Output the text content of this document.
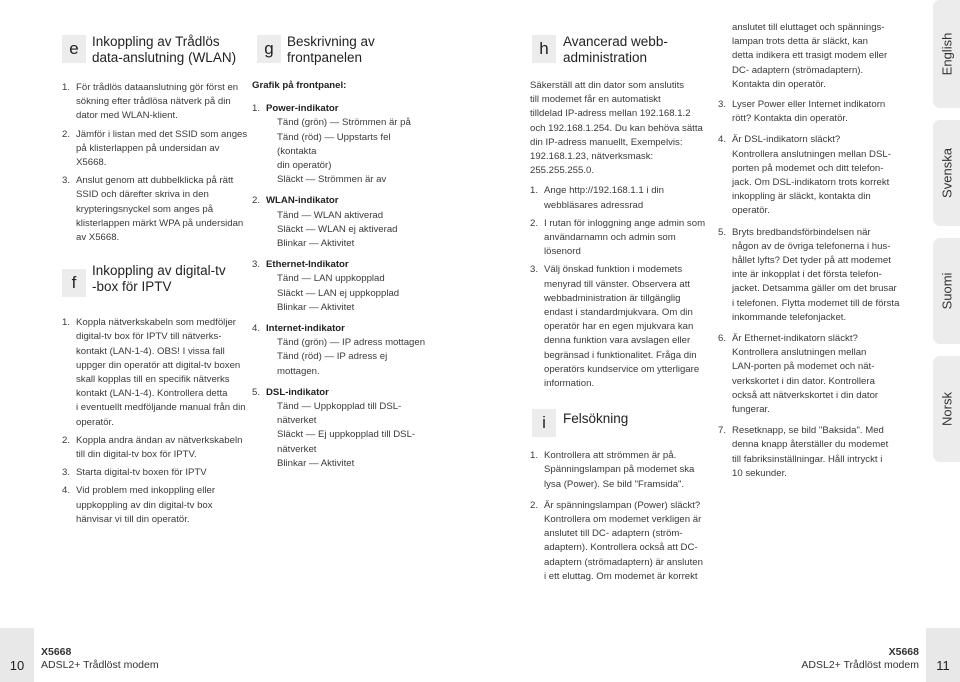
e Inkoppling av Trådlös
data-anslutning (WLAN)
1. För trådlös dataanslutning gör först en
sökning efter trådlösa nätverk på din
dator med WLAN-klient.
2. Jämför i listan med det SSID som anges
på klisterlappen på undersidan av
X5668.
3. Anslut genom att dubbelklicka på rätt
SSID och därefter skriva in den
krypteringsnyckel som anges på
klisterlappen märkt WPA på undersidan
av X5668.
f
Inkoppling av digital-tv
-box för IPTV
1. Koppla nätverkskabeln som medföljer
digital-tv box för IPTV till nätverks-
kontakt (LAN-1-4). OBS! I vissa fall
uppger din operatör att digital-tv boxen
skall kopplas till en specifik nätverks
kontakt (LAN-1-4). Kontrollera detta
i eventuellt medföljande manual från din
operatör.
2. Koppla andra ändan av nätverkskabeln
till din digital-tv box för IPTV.
3. Starta digital-tv boxen för IPTV
4. Vid problem med inkoppling eller
uppkoppling av din digital-tv box
hänvisar vi till din operatör.
g Beskrivning av
frontpanelen
Grafik på frontpanel:
1. Power-indikator
Tänd (grön) — Strömmen är på
Tänd (röd) — Uppstarts fel (kontakta
din operatör)
Släckt — Strömmen är av
2. WLAN-indikator
Tänd — WLAN aktiverad
Släckt — WLAN ej aktiverad
Blinkar — Aktivitet
3. Ethernet-Indikator
Tänd — LAN uppkopplad
Släckt — LAN ej uppkopplad
Blinkar — Aktivitet
4. Internet-indikator
Tänd (grön) — IP adress mottagen
Tänd (röd) — IP adress ej mottagen.
5. DSL-indikator
Tänd — Uppkopplad till DSL-nätverket
Släckt — Ej uppkopplad till DSL-
nätverket
Blinkar — Aktivitet
h	Avancerad webb-
administration
Säkerställ att din dator som anslutits
till modemet får en automatiskt
tilldelad IP-adress mellan 192.168.1.2
och 192.168.1.254. Du kan behöva sätta
din IP-adress manuellt, Exempelvis:
192.168.1.23, nätverksmask:
255.255.255.0.
1. Ange http://192.168.1.1 i din
webbläsares adressrad
2. I rutan för inloggning ange admin som
användarnamn och admin som
lösenord
3. Välj önskad funktion i modemets
menyrad till vänster. Observera att
webbadministration är tillgänglig
endast i standardmjukvara. Om din
operatör har en egen mjukvara kan
denna funktion vara avslagen eller
begränsad i funktionalitet. Fråga din
operatörs kundservice om ytterligare
information.
i	Felsökning
1. Kontrollera att strömmen är på.
Spänningslampan på modemet ska
lysa (Power). Se bild "Framsida".
2. Är spänningslampan (Power) släckt?
Kontrollera om modemet verkligen är
anslutet till DC- adaptern (ström-
adaptern). Kontrollera också att DC-
adaptern (strömadaptern) är ansluten
i ett eluttag. Om modemet är korrekt
anslutet till eluttaget och spännings-
lampan trots detta är släckt, kan
detta indikera ett trasigt modem eller
DC- adaptern (strömadaptern).
Kontakta din operatör.
3. Lyser Power eller Internet indikatorn
rött? Kontakta din operatör.
4. Är DSL-indikatorn släckt?
Kontrollera anslutningen mellan DSL-
porten på modemet och ditt telefon-
jack. Om DSL-indikatorn trots korrekt
inkoppling är släckt, kontakta din
operatör.
5. Bryts bredbandsförbindelsen när
någon av de övriga telefonerna i hus-
hållet lyfts? Det tyder på att modemet
inte är inkopplat i det första telefon-
jacket. Detsamma gäller om det brusar
i telefonen. Flytta modemet till de första
inkommande telefonjacket.
6. Är Ethernet-indikatorn släckt?
Kontrollera anslutningen mellan
LAN-porten på modemet och nät-
verkskortet i din dator. Kontrollera
också att nätverkskortet i din dator
fungerar.
7. Resetknapp, se bild "Baksida". Med
denna knapp återställer du modemet
till fabriksinställningar. Håll intryckt i
10 sekunder.
English
Svenska
Suomi
Norsk
10
X5668
ADSL2+ Trådlöst modem
X5668
ADSL2+ Trådlöst modem	11
